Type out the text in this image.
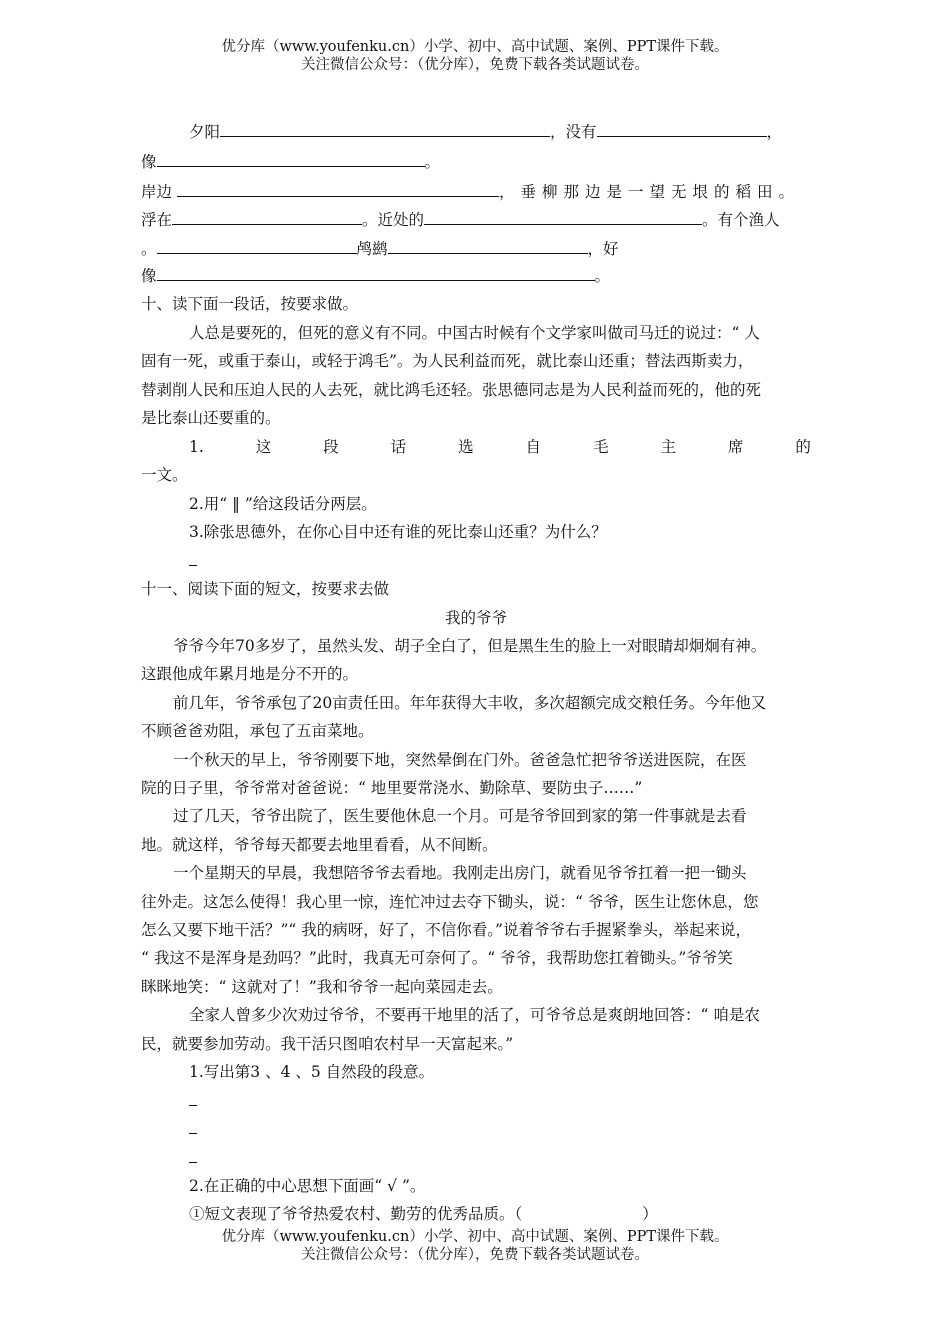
优分库（www.youfenku.cn）小学、初中、高中试题、案例、PPT课件下载。
关注微信公众号：（优分库），免费下载各类试题试卷。
夕阳	，没有	，
像	。
岸边	，垂柳那边是一望无垠的稻田。
浮在	。近处的	。有个渔人
。	鸬鹚	，好
像	。
十、读下面一段话，按要求做。
人总是要死的，但死的意义有不同。中国古时候有个文学家叫做司马迁的说过：“ 人
固有一死，或重于泰山，或轻于鸿毛”。为人民利益而死，就比泰山还重；替法西斯卖力，
替剥削人民和压迫人民的人去死，就比鸿毛还轻。张思德同志是为人民利益而死的，他的死
是比泰山还要重的。
1.	这	段	话	选	自	毛	主	席	的
一文。
2.用“ ‖ ”给这段话分两层。
3.除张思德外，在你心目中还有谁的死比泰山还重？为什么？
十一、阅读下面的短文，按要求去做
我的爷爷
爷爷今年70多岁了，虽然头发、胡子全白了，但是黑生生的脸上一对眼睛却炯炯有神。
这跟他成年累月地是分不开的。
前几年，爷爷承包了20亩责任田。年年获得大丰收，多次超额完成交粮任务。今年他又
不顾爸爸劝阻，承包了五亩菜地。
一个秋天的早上，爷爷刚要下地，突然晕倒在门外。爸爸急忙把爷爷送进医院，在医
院的日子里，爷爷常对爸爸说：“ 地里要常浇水、勤除草、要防虫子……”
过了几天，爷爷出院了，医生要他休息一个月。可是爷爷回到家的第一件事就是去看
地。就这样，爷爷每天都要去地里看看，从不间断。
一个星期天的早晨，我想陪爷爷去看地。我刚走出房门，就看见爷爷扛着一把一锄头
往外走。这怎么使得！我心里一惊，连忙冲过去夺下锄头，说：“ 爷爷，医生让您休息，您
怎么又要下地干活？”“ 我的病呀，好了，不信你看。”说着爷爷右手握紧拳头，举起来说，
“ 我这不是浑身是劲吗？”此时，我真无可奈何了。“ 爷爷，我帮助您扛着锄头。”爷爷笑
眯眯地笑：“ 这就对了！”我和爷爷一起向菜园走去。
全家人曾多少次劝过爷爷，不要再干地里的活了，可爷爷总是爽朗地回答：“ 咱是农
民，就要参加劳动。我干活只图咱农村早一天富起来。”
1.写出第3 、4 、5 自然段的段意。
2.在正确的中心思想下面画“ √ ”。
①短文表现了爷爷热爱农村、勤劳的优秀品质。（	）
优分库（www.youfenku.cn）小学、初中、高中试题、案例、PPT课件下载。
关注微信公众号：（优分库），免费下载各类试题试卷。
